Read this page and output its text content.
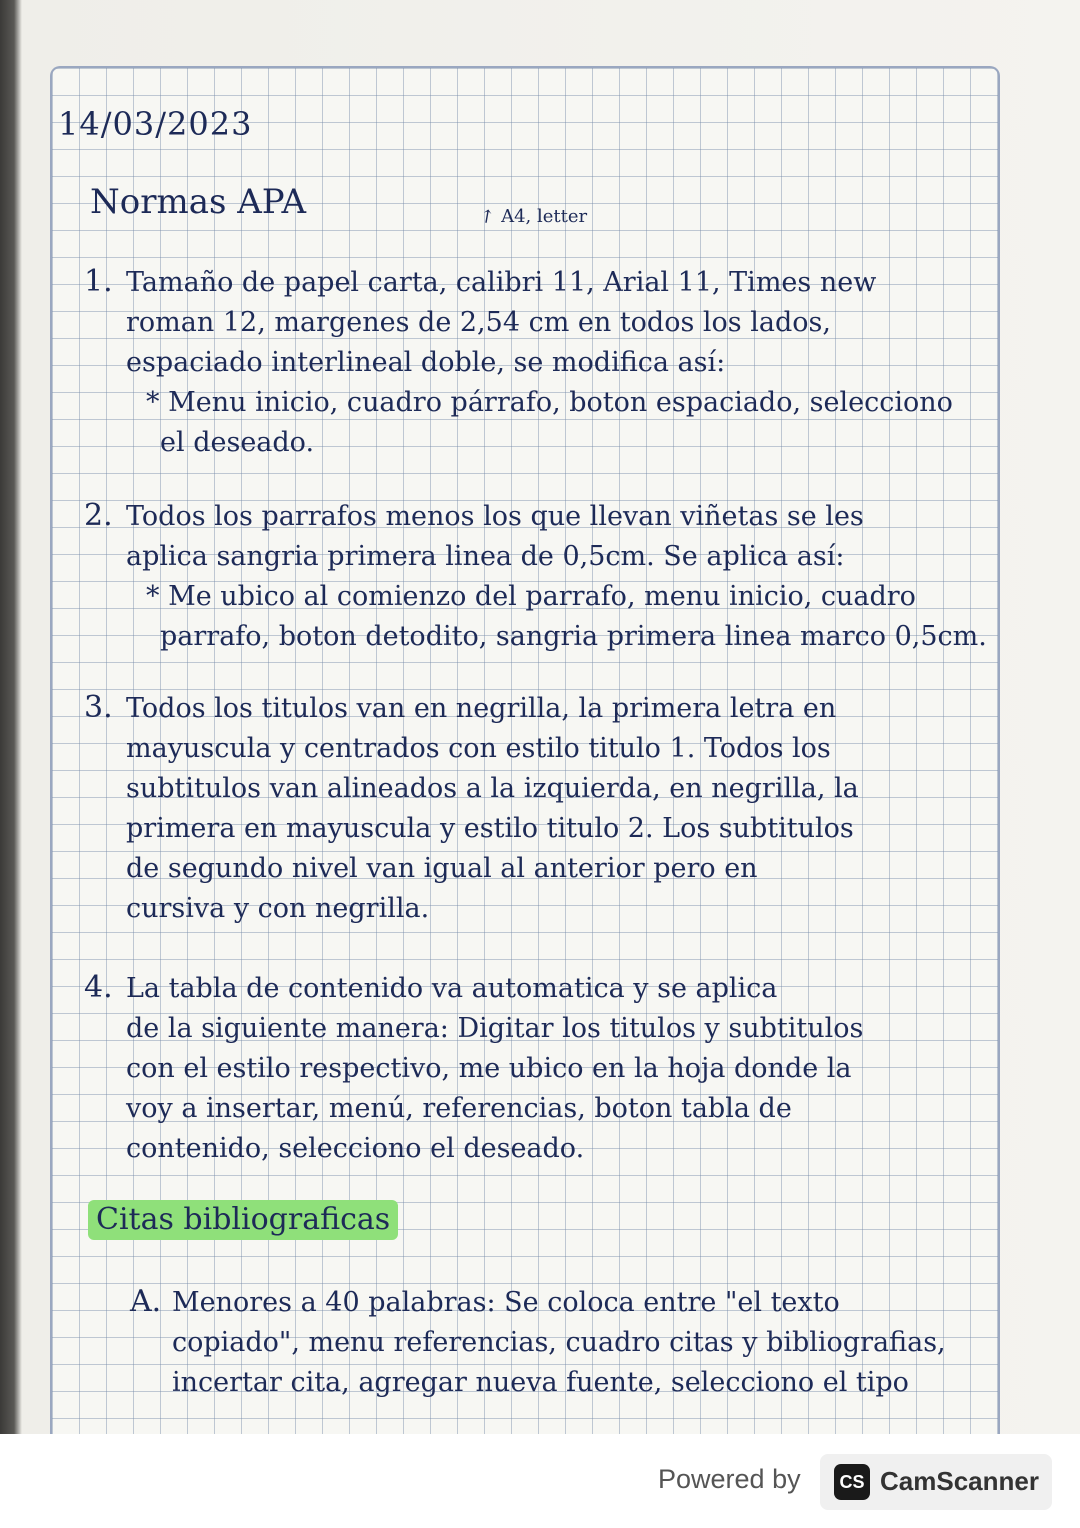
14/03/2023
Normas APA	↗A4, letter
1. Tamaño de papel carta, calibri 11, Arial 11, Times new
roman 12, margenes de 2,54 cm en todos los lados,
espaciado interlineal doble, se modifica así:
* Menu inicio, cuadro párrafo, boton espaciado, selecciono
el deseado.
2. Todos los parrafos menos los que llevan viñetas se les
aplica sangria primera linea de 0,5cm. Se aplica así:
* Me ubico al comienzo del parrafo, menu inicio, cuadro
parrafo, boton detodito, sangria primera linea marco 0,5cm.
3. Todos los titulos van en negrilla, la primera letra en
mayuscula y centrados con estilo titulo 1. Todos los
subtitulos van alineados a la izquierda, en negrilla, la
primera en mayuscula y estilo titulo 2. Los subtitulos
de segundo nivel van igual al anterior pero en
cursiva y con negrilla.
4. La tabla de contenido va automatica y se aplica
de la siguiente manera: Digitar los titulos y subtitulos
con el estilo respectivo, me ubico en la hoja donde la
voy a insertar, menú, referencias, boton tabla de
contenido, selecciono el deseado.
Citas bibliograficas
A. Menores a 40 palabras: Se coloca entre "el texto
copiado", menu referencias, cuadro citas y bibliografias,
incertar cita, agregar nueva fuente, selecciono el tipo
Powered by	CS CamScanner
